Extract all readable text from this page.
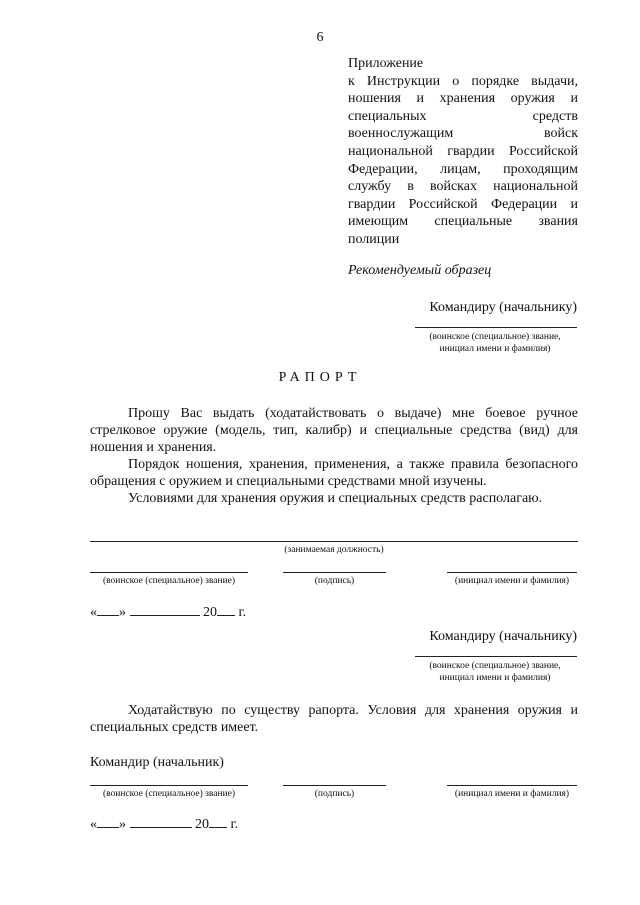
6
Приложение
к Инструкции о порядке выдачи,
ношения и хранения оружия и
специальных средств
военнослужащим войск
национальной гвардии Российской
Федерации, лицам, проходящим
службу в войсках национальной
гвардии Российской Федерации и
имеющим специальные звания
полиции
Рекомендуемый образец
Командиру (начальнику)
(воинское (специальное) звание,
инициал имени и фамилия)
РАПОРТ
Прошу Вас выдать (ходатайствовать о выдаче) мне боевое ручное стрелковое оружие (модель, тип, калибр) и специальные средства (вид) для ношения и хранения.
Порядок ношения, хранения, применения, а также правила безопасного обращения с оружием и специальными средствами мной изучены.
Условиями для хранения оружия и специальных средств располагаю.
(занимаемая должность)
(воинское (специальное) звание)	(подпись)	(инициал имени и фамилия)
« »	20 г.
Командиру (начальнику)
(воинское (специальное) звание,
инициал имени и фамилия)
Ходатайствую по существу рапорта. Условия для хранения оружия и специальных средств имеет.
Командир (начальник)
(воинское (специальное) звание)	(подпись)	(инициал имени и фамилия)
« »	20 г.
